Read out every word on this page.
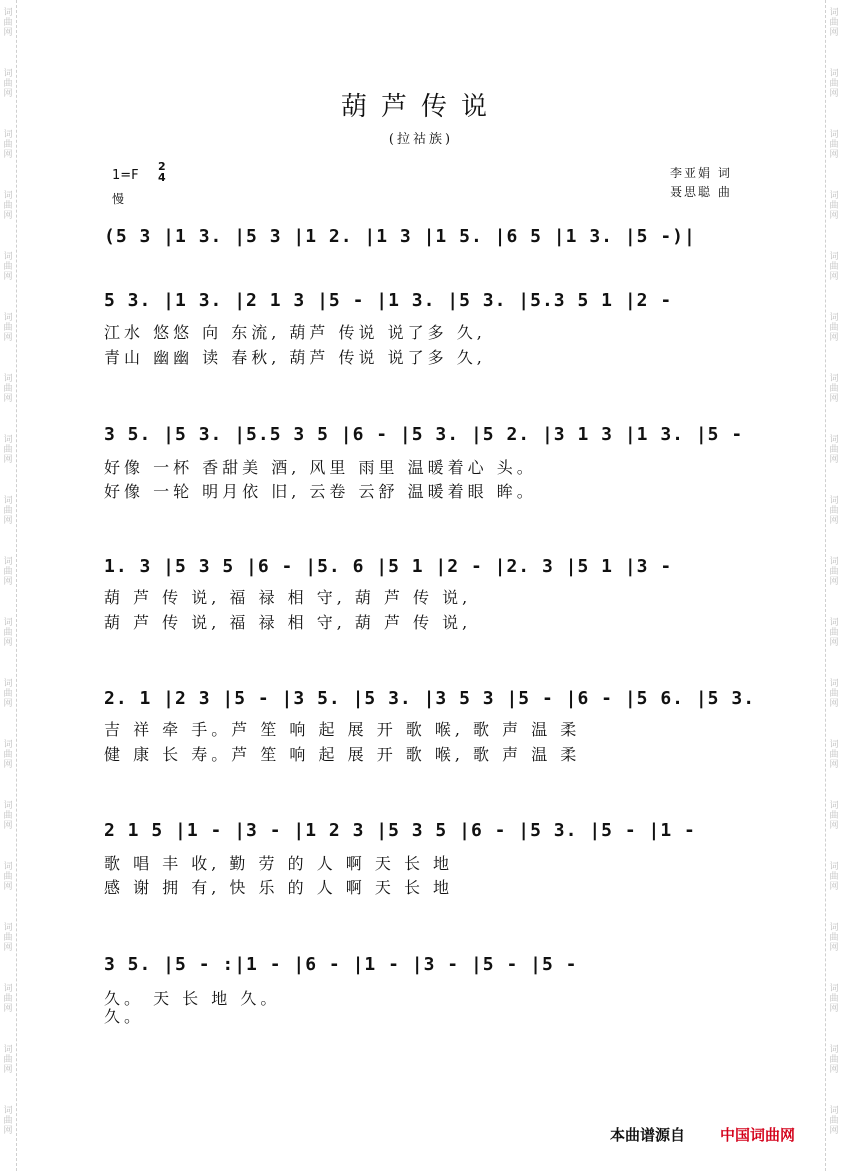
词
曲
网
词
曲
网
词
曲
网
词
曲
网
词
曲
网
词
曲
网
词
曲
网
词
曲
网
词
曲
网
词
曲
网
词
曲
网
词
曲
网
词
曲
网
词
曲
网
词
曲
网
词
曲
网
词
曲
网
词
曲
网
词
曲
网
词
曲
网
词
曲
网
词
曲
网
词
曲
网
词
曲
网
词
曲
网
词
曲
网
词
曲
网
词
曲
网
词
曲
网
词
曲
网
词
曲
网
词
曲
网
词
曲
网
词
曲
网
词
曲
网
词
曲
网
词
曲
网
词
曲
网
葫芦传说
(拉祜族)
1=F
2
4
慢
李亚娟 词
聂思聪 曲
(5 3 |1 3. |5 3 |1 2. |1 3 |1 5. |6 5 |1 3. |5 -)|
5 3. |1 3. |2 1 3 |5 - |1 3. |5 3. |5.3 5 1 |2 -
江水 悠悠 向 东流, 葫芦 传说 说了多 久,
青山 幽幽 读 春秋, 葫芦 传说 说了多 久,
3 5. |5 3. |5.5 3 5 |6 - |5 3. |5 2. |3 1 3 |1 3. |5 -
好像 一杯 香甜美 酒, 风里 雨里 温暖着心 头。
好像 一轮 明月依 旧, 云卷 云舒 温暖着眼 眸。
1. 3 |5 3 5 |6 - |5. 6 |5 1 |2 - |2. 3 |5 1 |3 -
葫 芦 传 说, 福 禄 相 守, 葫 芦 传 说,
葫 芦 传 说, 福 禄 相 守, 葫 芦 传 说,
2. 1 |2 3 |5 - |3 5. |5 3. |3 5 3 |5 - |6 - |5 6. |5 3.
吉 祥 牵 手。芦 笙 响 起 展 开 歌 喉, 歌 声 温 柔
健 康 长 寿。芦 笙 响 起 展 开 歌 喉, 歌 声 温 柔
2 1 5 |1 - |3 - |1 2 3 |5 3 5 |6 - |5 3. |5 - |1 -
歌 唱 丰 收, 勤 劳 的 人 啊 天 长 地
感 谢 拥 有, 快 乐 的 人 啊 天 长 地
3 5. |5 - :|1 - |6 - |1 - |3 - |5 - |5 -
久。 天 长 地 久。
久。
本曲谱源自 中国词曲网
